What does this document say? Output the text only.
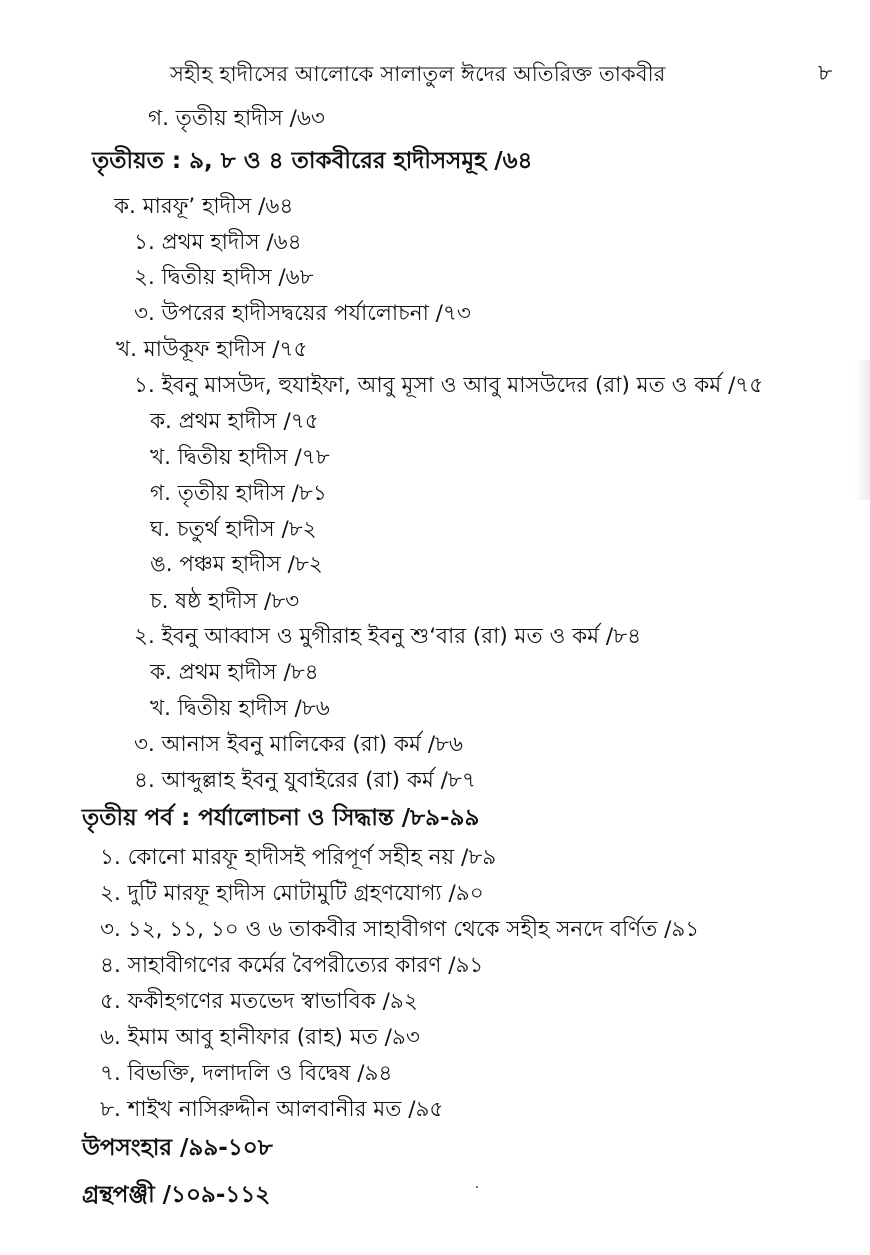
সহীহ হাদীসের আলোকে সালাতুল ঈদের অতিরিক্ত তাকবীর	৮
গ. তৃতীয় হাদীস /৬৩
তৃতীয়ত : ৯, ৮ ও ৪ তাকবীরের হাদীসসমূহ /৬৪
ক. মারফূ’ হাদীস /৬৪
১. প্রথম হাদীস /৬৪
২. দ্বিতীয় হাদীস /৬৮
৩. উপরের হাদীসদ্বয়ের পর্যালোচনা /৭৩
খ. মাউকূফ হাদীস /৭৫
১. ইবনু মাসউদ, হুযাইফা, আবু মূসা ও আবু মাসউদের (রা) মত ও কর্ম /৭৫
ক. প্রথম হাদীস /৭৫
খ. দ্বিতীয় হাদীস /৭৮
গ. তৃতীয় হাদীস /৮১
ঘ. চতুর্থ হাদীস /৮২
ঙ. পঞ্চম হাদীস /৮২
চ. ষষ্ঠ হাদীস /৮৩
২. ইবনু আব্বাস ও মুগীরাহ ইবনু শু‘বার (রা) মত ও কর্ম /৮৪
ক. প্রথম হাদীস /৮৪
খ. দ্বিতীয় হাদীস /৮৬
৩. আনাস ইবনু মালিকের (রা) কর্ম /৮৬
৪. আব্দুল্লাহ ইবনু যুবাইরের (রা) কর্ম /৮৭
তৃতীয় পর্ব : পর্যালোচনা ও সিদ্ধান্ত /৮৯-৯৯
১. কোনো মারফূ হাদীসই পরিপূর্ণ সহীহ নয় /৮৯
২. দুটি মারফূ হাদীস মোটামুটি গ্রহণযোগ্য /৯০
৩. ১২, ১১, ১০ ও ৬ তাকবীর সাহাবীগণ থেকে সহীহ সনদে বর্ণিত /৯১
৪. সাহাবীগণের কর্মের বৈপরীত্যের কারণ /৯১
৫. ফকীহগণের মতভেদ স্বাভাবিক /৯২
৬. ইমাম আবু হানীফার (রাহ) মত /৯৩
৭. বিভক্তি, দলাদলি ও বিদ্বেষ /৯৪
৮. শাইখ নাসিরুদ্দীন আলবানীর মত /৯৫
উপসংহার /৯৯-১০৮
গ্রন্থপঞ্জী /১০৯-১১২
